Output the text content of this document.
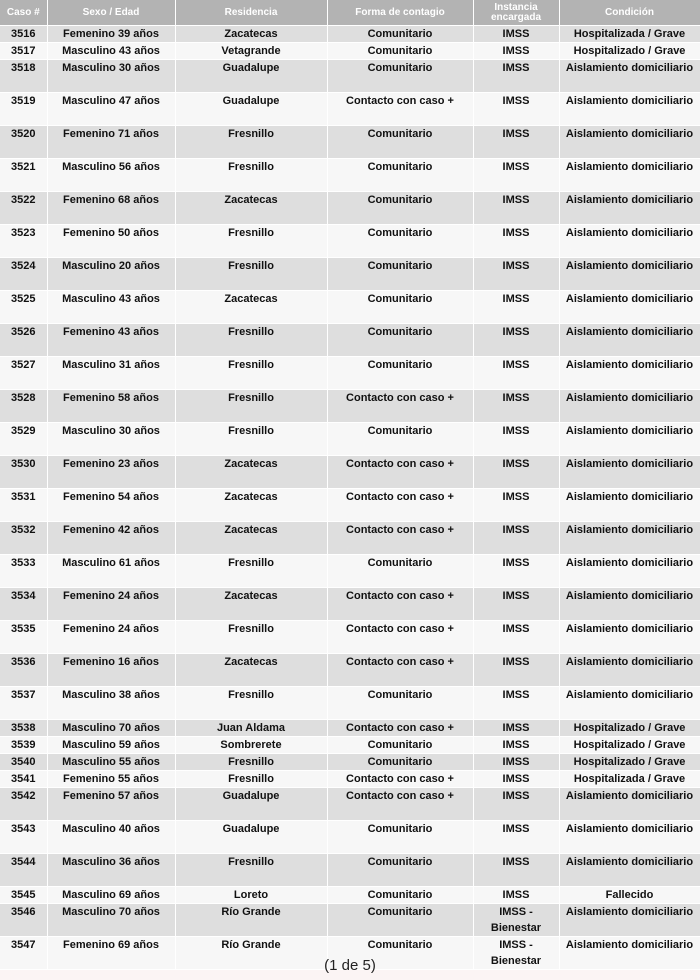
Caso #	Sexo / Edad	Residencia	Forma de contagio	Instancia encargada	Condición
3516	Femenino 39 años	Zacatecas	Comunitario	IMSS	Hospitalizada / Grave
3517	Masculino 43 años	Vetagrande	Comunitario	IMSS	Hospitalizado / Grave
3518	Masculino 30 años	Guadalupe	Comunitario	IMSS	Aislamiento domiciliario
3519	Masculino 47 años	Guadalupe	Contacto con caso +	IMSS	Aislamiento domiciliario
3520	Femenino 71 años	Fresnillo	Comunitario	IMSS	Aislamiento domiciliario
3521	Masculino 56 años	Fresnillo	Comunitario	IMSS	Aislamiento domiciliario
3522	Femenino 68 años	Zacatecas	Comunitario	IMSS	Aislamiento domiciliario
3523	Femenino 50 años	Fresnillo	Comunitario	IMSS	Aislamiento domiciliario
3524	Masculino 20 años	Fresnillo	Comunitario	IMSS	Aislamiento domiciliario
3525	Masculino 43 años	Zacatecas	Comunitario	IMSS	Aislamiento domiciliario
3526	Femenino 43 años	Fresnillo	Comunitario	IMSS	Aislamiento domiciliario
3527	Masculino 31 años	Fresnillo	Comunitario	IMSS	Aislamiento domiciliario
3528	Femenino 58 años	Fresnillo	Contacto con caso +	IMSS	Aislamiento domiciliario
3529	Masculino 30 años	Fresnillo	Comunitario	IMSS	Aislamiento domiciliario
3530	Femenino 23 años	Zacatecas	Contacto con caso +	IMSS	Aislamiento domiciliario
3531	Femenino 54 años	Zacatecas	Contacto con caso +	IMSS	Aislamiento domiciliario
3532	Femenino 42 años	Zacatecas	Contacto con caso +	IMSS	Aislamiento domiciliario
3533	Masculino 61 años	Fresnillo	Comunitario	IMSS	Aislamiento domiciliario
3534	Femenino 24 años	Zacatecas	Contacto con caso +	IMSS	Aislamiento domiciliario
3535	Femenino 24 años	Fresnillo	Contacto con caso +	IMSS	Aislamiento domiciliario
3536	Femenino 16 años	Zacatecas	Contacto con caso +	IMSS	Aislamiento domiciliario
3537	Masculino 38 años	Fresnillo	Comunitario	IMSS	Aislamiento domiciliario
3538	Masculino 70 años	Juan Aldama	Contacto con caso +	IMSS	Hospitalizado / Grave
3539	Masculino 59 años	Sombrerete	Comunitario	IMSS	Hospitalizado / Grave
3540	Masculino 55 años	Fresnillo	Comunitario	IMSS	Hospitalizado / Grave
3541	Femenino 55 años	Fresnillo	Contacto con caso +	IMSS	Hospitalizada / Grave
3542	Femenino 57 años	Guadalupe	Contacto con caso +	IMSS	Aislamiento domiciliario
3543	Masculino 40 años	Guadalupe	Comunitario	IMSS	Aislamiento domiciliario
3544	Masculino 36 años	Fresnillo	Comunitario	IMSS	Aislamiento domiciliario
3545	Masculino 69 años	Loreto	Comunitario	IMSS	Fallecido
3546	Masculino 70 años	Río Grande	Comunitario	IMSS - Bienestar	Aislamiento domiciliario
3547	Femenino 69 años	Río Grande	Comunitario	IMSS - Bienestar	Aislamiento domiciliario
(1 de 5)
